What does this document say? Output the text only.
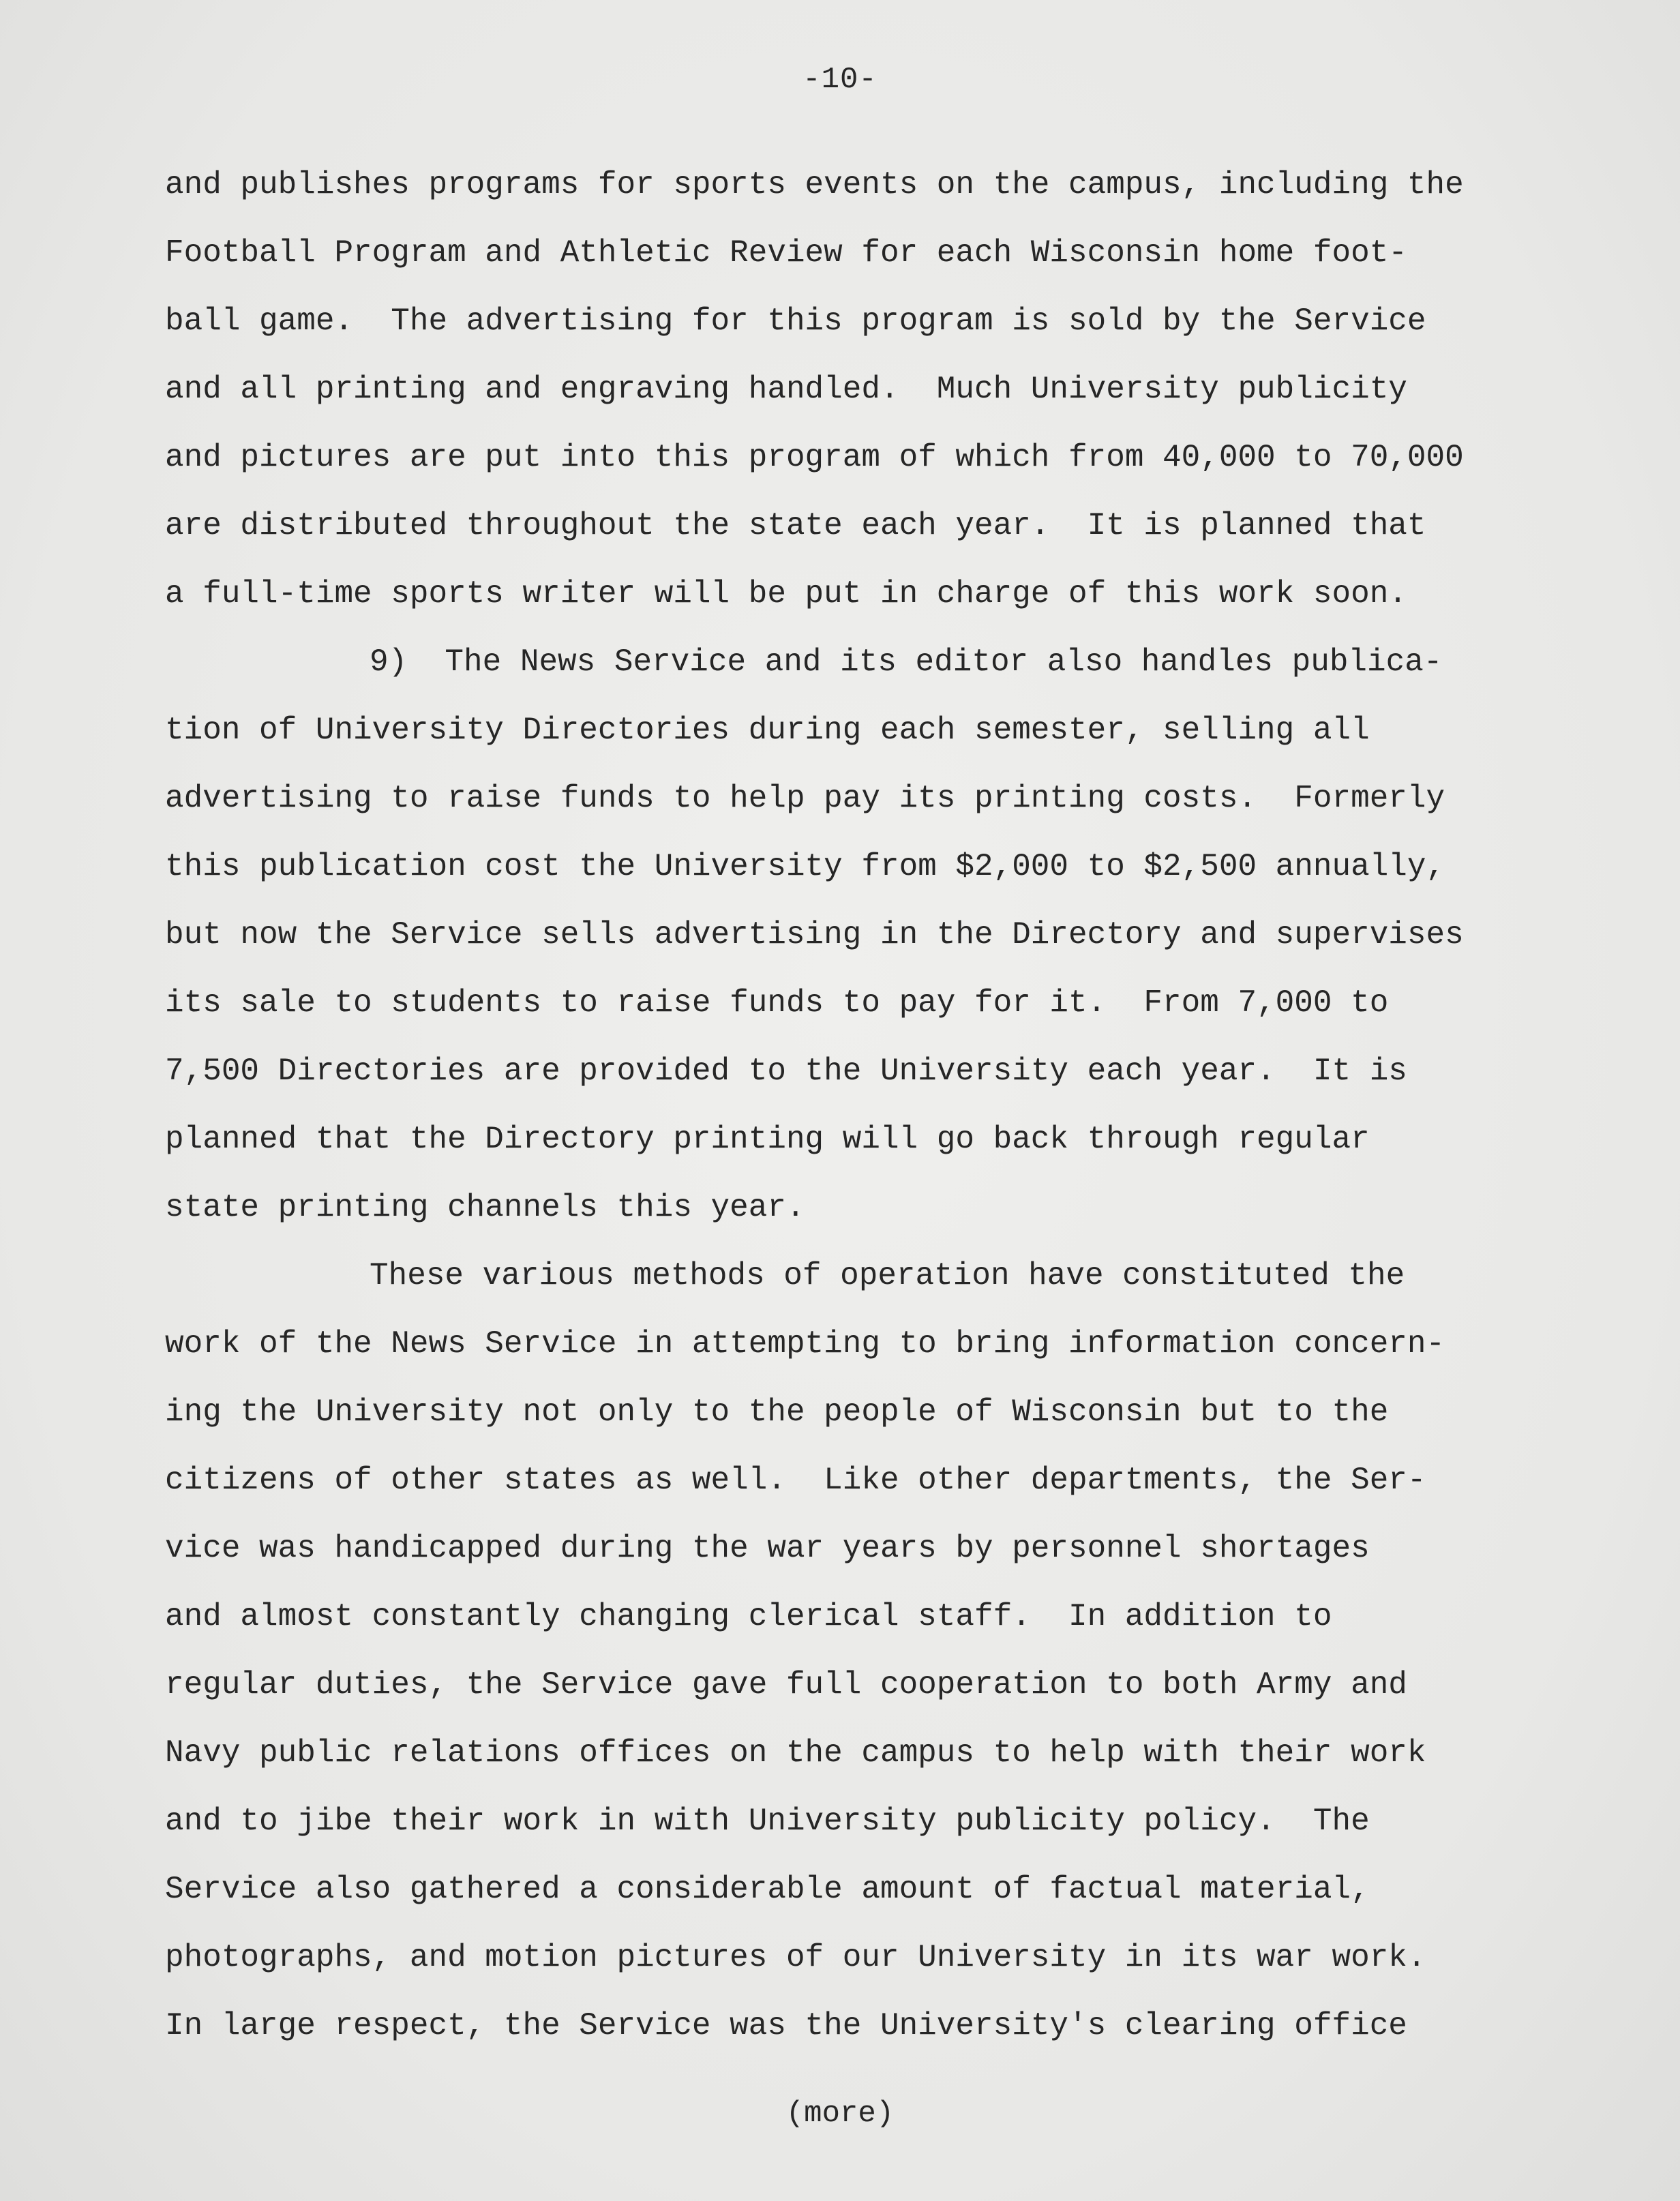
-10-
and publishes programs for sports events on the campus, including the
Football Program and Athletic Review for each Wisconsin home foot-
ball game.  The advertising for this program is sold by the Service
and all printing and engraving handled.  Much University publicity
and pictures are put into this program of which from 40,000 to 70,000
are distributed throughout the state each year.  It is planned that
a full-time sports writer will be put in charge of this work soon.
9)  The News Service and its editor also handles publica-
tion of University Directories during each semester, selling all
advertising to raise funds to help pay its printing costs.  Formerly
this publication cost the University from $2,000 to $2,500 annually,
but now the Service sells advertising in the Directory and supervises
its sale to students to raise funds to pay for it.  From 7,000 to
7,500 Directories are provided to the University each year.  It is
planned that the Directory printing will go back through regular
state printing channels this year.
These various methods of operation have constituted the
work of the News Service in attempting to bring information concern-
ing the University not only to the people of Wisconsin but to the
citizens of other states as well.  Like other departments, the Ser-
vice was handicapped during the war years by personnel shortages
and almost constantly changing clerical staff.  In addition to
regular duties, the Service gave full cooperation to both Army and
Navy public relations offices on the campus to help with their work
and to jibe their work in with University publicity policy.  The
Service also gathered a considerable amount of factual material,
photographs, and motion pictures of our University in its war work.
In large respect, the Service was the University's clearing office
(more)
